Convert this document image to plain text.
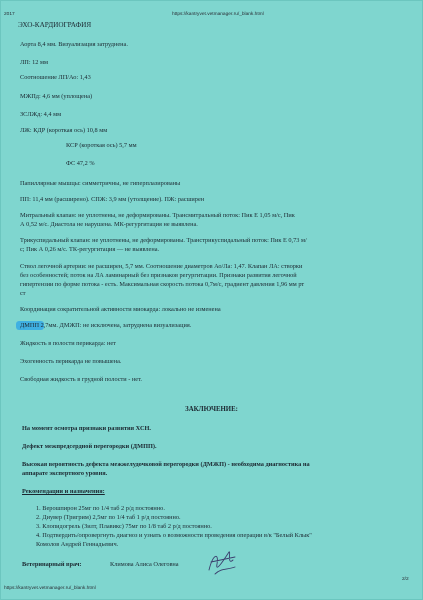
2017	https://kantryvet.vetmanager.ru/_blank.html
ЭХО-КАРДИОГРАФИЯ
Аорта 8,4 мм. Визуализация затруднена.
ЛП: 12 мм
Соотношение ЛП/Ао: 1,43
МЖПд: 4,6 мм (уплощена)
ЗСЛЖд: 4,4 мм
ЛЖ: КДР (короткая ось) 10,8 мм
КСР (короткая ось) 5,7 мм
ФС 47,2 %
Папиллярные мышцы: симметричны, не гиперплазированы
ПП: 11,4 мм (расширено). СПЖ: 3,9 мм (утолщение). ПЖ: расширен
Митральный клапан: не уплотнены, не деформированы. Трансмитральный поток: Пик Е 1,05 м/с, Пик
А 0,52 м/с. Диастола не нарушена. МК-регургитация не выявлена.
Трикуспидальный клапан: не уплотнены, не деформированы. Транстрикуспидальный поток: Пик Е 0,73 м/
с; Пик А 0,26 м/с. ТК-регургитация — не выявлена.
Ствол легочной артерии: не расширен, 5,7 мм. Соотношение диаметров Ао/Ла: 1,47. Клапан ЛА: створки
без особенностей; поток на ЛА ламинарный без признаков регургитации. Признаки развития легочной
гипертензии по форме потока - есть. Максимальная скорость потока 0,7м/с, градиент давления 1,96 мм рт
ст
Координация сократительной активности миокарда: локально не изменена
ДМПП 2,7мм. ДМЖП: не исключена, затруднена визуализация.
Жидкость в полости перикарда: нет
Эхогенность перикарда не повышена.
Свободная жидкость в грудной полости - нет.
ЗАКЛЮЧЕНИЕ:
На момент осмотра признаки развития ХСН.
Дефект межпредсердной перегородки (ДМПП).
Высокая вероятность дефекта межжелудочковой перегородки (ДМЖП) - необходима диагностика на
аппарате экспертного уровня.
Рекомендации и назначения:
1. Верошпирон 25мг по 1/4 таб 2 р/д постоянно.
2. Диувер (Тригрим) 2,5мг по 1/4 таб 1 р/д постоянно.
3. Клопидогрель (Зилт, Плавикс) 75мг по 1/8 таб 2 р/д постоянно.
4. Подтвердить/опровергнуть диагноз и узнать о возможности проведения операции в/к "Белый Клык"
Комолов Андрей Геннадьевич.
Ветеринарный врач:	Климова Алиса Олеговна
https://kantryvet.vetmanager.ru/_blank.html
2/2
